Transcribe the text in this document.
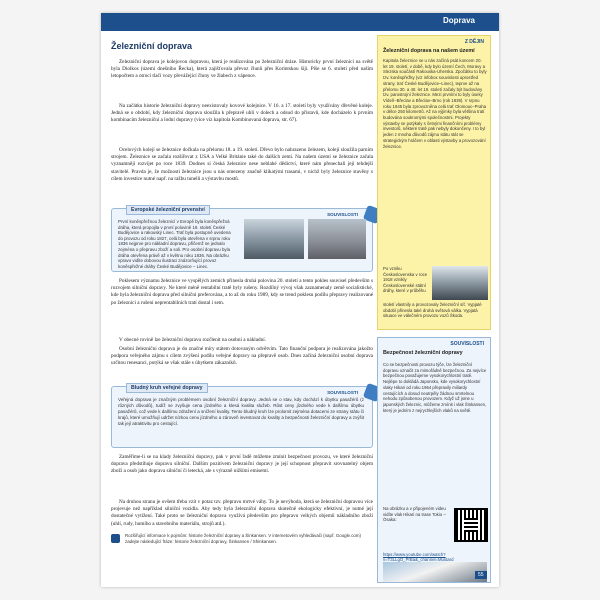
Doprava
Železniční doprava

Železniční doprava je kolejovou dopravou, která je realizována po železniční dráze. Historicky první železnicí na světě byla Diolkos (území dnešního Řecka), která zajišťovala převoz člunů přes Korintskou šíji. Píše se 6. století před naším letopočtem a otroci tlačí vozy převážející čluny ve žlabech z vápence.

Na začátku historie železniční dopravy neexistovaly kovové kolejnice. V 16. a 17. století byly využívány dřevěné koleje. Jedná se o období, kdy železniční doprava sloužila k přepravě uhlí v dolech a odsud do přístavů, kde docházelo k prvním kombinacím železniční a lodní dopravy (více viz kapitola Kombinovaná doprava, str. 67).

Ocelových kolejí se železnice dočkala na přelomu 18. a 19. století. Dřevo bylo nahrazeno železem, kolejí sloužila parním strojem. Železnice se začala rozšiřovat z USA a Velké Británie také do dalších zemí. Na našem území se železnice začala vyznamněji rozvíjet po roce 1839. Dodnes si česká železnice nese neblahé dědictví, které nám přenechali její tehdejší stavitelé. Pravda je, že možnosti železnice jsou u nás omezeny značně klikatými trasami, v nichž byly železnice stavěny s cílem investice nutné např. na ražbu tunelů a výstavbu mostů.

Evropské železniční prvenství
SOUVISLOSTI
První koněspřežnou železnicí v Evropě byla koněspřežná dráha, která propojila v první polovině 19. století České Budějovice a rakouský Linec. Trať byla postupně uvedena do provozu od roku 1827, celá byla otevřena v srpnu roku 1836 nejprve pro nákladní dopravu, přičemž se jednalo zejména o přepravu zboží a soli. Pro osobní dopravu byla dráha otevřena právě až v květnu roku 1836. Na obrázku vpravo vidíte dobovou ilustraci znázorňující provoz koněspřežné dráhy České Budějovice – Linec.

Poklesem významu železnice ve vyspělých zemích přinesla druhá polovina 20. století a tento pokles souvisel především s rozvojem silniční dopravy. Ne které méně rentabilní tratě byly rušeny. Rozdílný vývoj však zaznamenaly země socialistické, kde byla železniční doprava před silniční preferována, a to až do roku 1989, kdy se trend poklesu podílu přepravy realizované po železnici a rušení neprentabilních tratí dostal i sem.

V obecné rovině lze železniční dopravu rozčlenit na osobní a nákladní.

Osobní železniční doprava je do značné míry státem dotovaným odvětvím. Tato finanční podpora je realizována jakožto podpora veřejného zájmu s cílem zvýšení podílu veřejné dopravy na přepravě osob. Dnes začíná železniční osobní doprava určitou renesanci, potýká se však stále s úbytkem zákazníků.

Bludný kruh veřejné dopravy
SOUVISLOSTI
Veřejná doprava je značným problémem osobní železniční dopravy. Jedná se o stav, kdy dochází k úbytku pasažérů (z různých důvodů), tudíž se zvyšuje cena jízdného a klesá kvalita služeb. Růst ceny jízdného vede k dalšímu úbytku pasažérů, což vede k dalšímu zdražení a snížení kvality. Tento bludný kruh lze prolomit zejména dotacemi ze strany státu či krajů, které umožňují udržet nízkou cenu jízdného a zároveň investovat do kvality a bezpečnosti železniční dopravy a zvýšit tak její atraktivitu pro cestující.

Zaměříme-li se na klady železniční dopravy, pak v první řadě můžeme zmínit bezpečnost provozu, ve které železniční doprava předstihuje dopravu silniční. Dalším pozitivem železniční dopravy je její schopnost přepravit srovnatelný objem zboží a osob jako doprava silniční či letecká, ale s výrazně nižšími emisemi.

Na druhou stranu je ovšem třeba vzít v potaz tzv. přepravu mrtvé váhy. To je nevýhoda, která se železniční dopravou více projevuje než například silniční vozidla. Aby tedy byla železniční doprava skutečně ekologicky efektivní, je nutné její dostatečné vytížení. Také proto se železniční doprava využívá především pro přepravu velkých objemů nákladního zboží (uhlí, rudy, hutního a stavebního materiálu, strojů atd.).

Rozšiřující informace k pojmům: historie železniční dopravy a Šinkansen. V internetovém vyhledávači (např. Google.com) zadejte následující fráze: historie železniční dopravy, Šinkansen / Shinkansen.
Z DĚJIN
Železniční doprava na našem území
Kapitola železnice se u nás začíná psát koncem 20. let 19. století, v době, kdy bylo území Čech, Moravy a Slezska součástí Rakouska-Uherska. Zpočátku to byly tzv. koněspřežky (viz infobox souvislosti uprostřed strany, trať České Budějovice–Linec), teprve až na přelomu 30. a 40. let 19. století začaly být budovány tzv. parostrojní železnice. Mezi prvními to byly úseky Vídeň–Břeclav a Břeclav–Brno (rok 1839). V srpnu roku 1845 byla zprovozněna celá trať Olomouc–Praha v délce 250 kilometrů. Až na výjimky byla většina tratí budována soukromými společnostmi. Projekty výstavby se potýkaly s četnými finančními problémy investorů, některé tratě pak nebyly dokončeny. I to byl jeden z mnoha důvodů zájmu státu stát se strategickým hráčem v oblasti výstavby a provozování železnice.
Po vzniku Československa v roce 1918 vznikly Československé státní dráhy, které v průběhu
století vlastnily a provozovaly železniční síť. Vypjaté období přinesla také druhá světová válka. Vypjatá situace ve válečném provozu vozů Škoda.
SOUVISLOSTI
Bezpečnost železniční dopravy
Co se bezpečnosti provozu týče, lze železniční dopravu označit za mimořádně bezpečnou. Za nejvíce bezpečnou považujeme vysokorychlostní tratě. Nejlépe to dokládá Japonsko, kde vysokorychlostní vlaky Hikari od roku 1964 přepravily miliardy cestujících a dosud neutrpěly žádnou smrtelnou nehodu způsobenou provozem. Když už jsme u japonských železnic, můžeme zmínit i vlak Šinkansen, který je jedním z nejrychlejších vlaků na světě.
Na obrázku a v připojeném videu vidíte vlak Hikari na trase Tokio – Ósaka:
https://www.youtube.com/watch?v=T3LLgO_PrBa&_channel=Mustard
55
